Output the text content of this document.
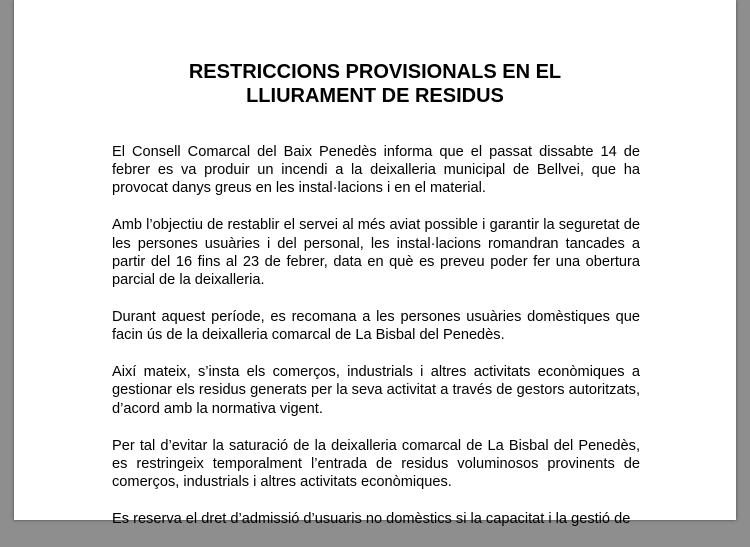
RESTRICCIONS PROVISIONALS EN EL
LLIURAMENT DE RESIDUS

El Consell Comarcal del Baix Penedès informa que el passat dissabte 14 de febrer es va produir un incendi a la deixalleria municipal de Bellvei, que ha provocat danys greus en les instal·lacions i en el material.

Amb l’objectiu de restablir el servei al més aviat possible i garantir la seguretat de les persones usuàries i del personal, les instal·lacions romandran tancades a partir del 16 fins al 23 de febrer, data en què es preveu poder fer una obertura parcial de la deixalleria.

Durant aquest període, es recomana a les persones usuàries domèstiques que facin ús de la deixalleria comarcal de La Bisbal del Penedès.

Així mateix, s’insta els comerços, industrials i altres activitats econòmiques a gestionar els residus generats per la seva activitat a través de gestors autoritzats, d’acord amb la normativa vigent.

Per tal d’evitar la saturació de la deixalleria comarcal de La Bisbal del Penedès, es restringeix temporalment l’entrada de residus voluminosos provinents de comerços, industrials i altres activitats econòmiques.

Es reserva el dret d’admissió d’usuaris no domèstics si la capacitat i la gestió de
